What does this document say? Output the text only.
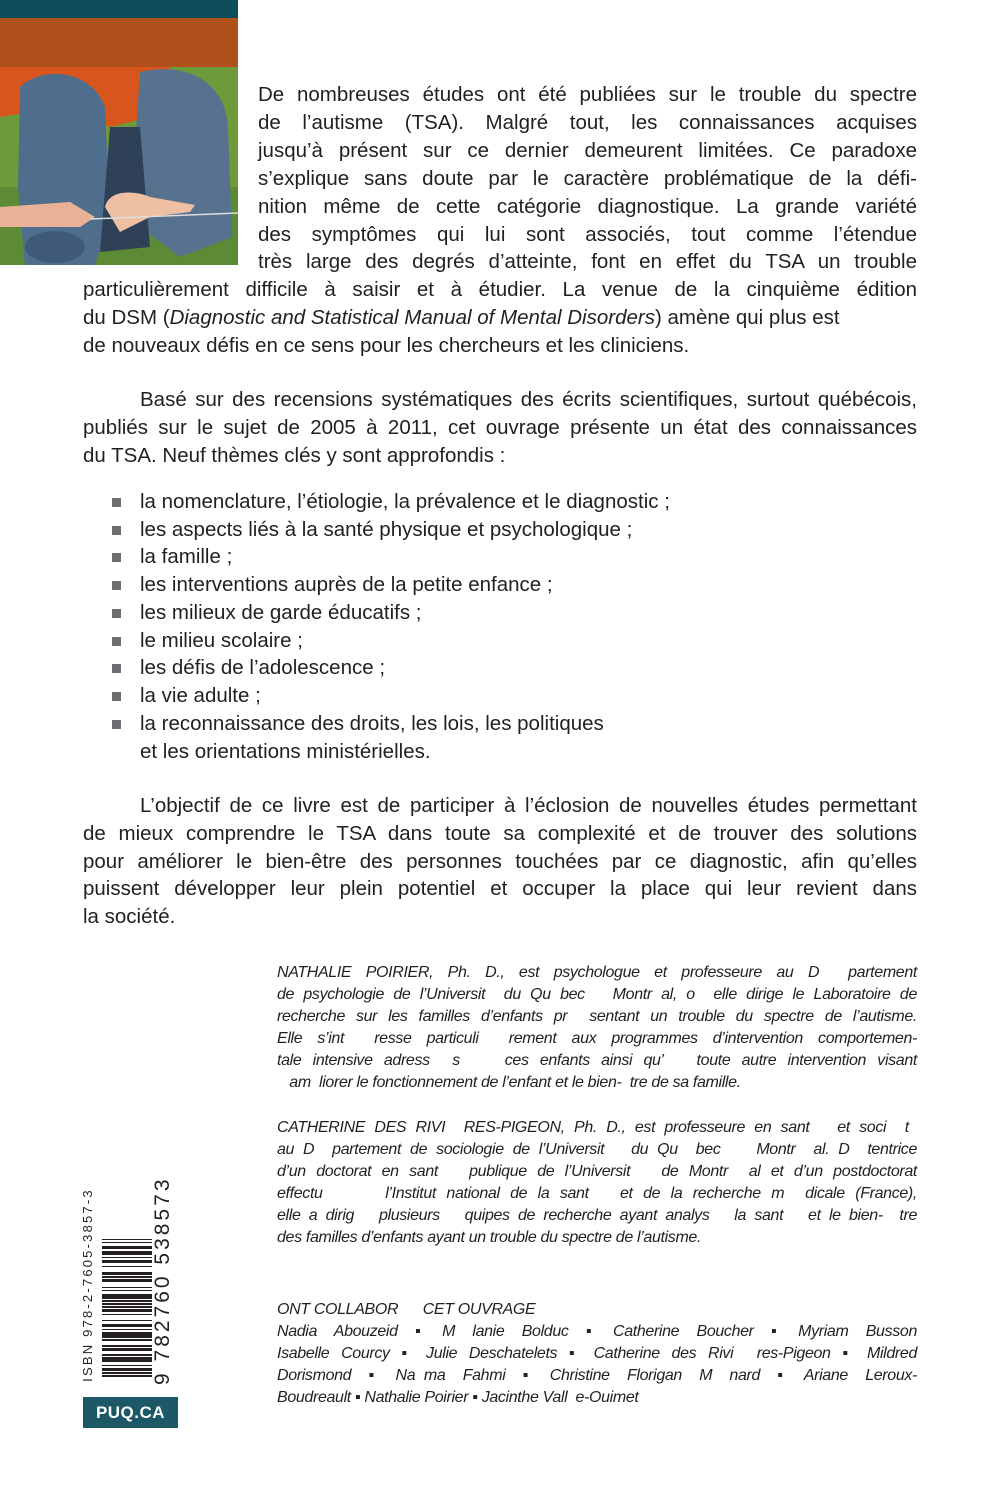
De nombreuses études ont été publiées sur le trouble du spectre
de l’autisme (TSA). Malgré tout, les connaissances acquises
jusqu’à présent sur ce dernier demeurent limitées. Ce paradoxe
s’explique sans doute par le caractère problématique de la défi-
nition même de cette catégorie diagnostique. La grande variété
des symptômes qui lui sont associés, tout comme l’étendue
très large des degrés d’atteinte, font en effet du TSA un trouble
particulièrement difficile à saisir et à étudier. La venue de la cinquième édition
du DSM (Diagnostic and Statistical Manual of Mental Disorders) amène qui plus est
de nouveaux défis en ce sens pour les chercheurs et les cliniciens.
Basé sur des recensions systématiques des écrits scientifiques, surtout québécois,
publiés sur le sujet de 2005 à 2011, cet ouvrage présente un état des connaissances
du TSA. Neuf thèmes clés y sont approfondis :
la nomenclature, l’étiologie, la prévalence et le diagnostic ;
les aspects liés à la santé physique et psychologique ;
la famille ;
les interventions auprès de la petite enfance ;
les milieux de garde éducatifs ;
le milieu scolaire ;
les défis de l’adolescence ;
la vie adulte ;
la reconnaissance des droits, les lois, les politiques
et les orientations ministérielles.
L’objectif de ce livre est de participer à l’éclosion de nouvelles études permettant
de mieux comprendre le TSA dans toute sa complexité et de trouver des solutions
pour améliorer le bien-être des personnes touchées par ce diagnostic, afin qu’elles
puissent développer leur plein potentiel et occuper la place qui leur revient dans
la société.
NATHALIE POIRIER, Ph. D., est psychologue et professeure au D  partement
de psychologie de l’Universit  du Qu bec   Montr al, o  elle dirige le Laboratoire de
recherche sur les familles d’enfants pr  sentant un trouble du spectre de l’autisme.
Elle s’int  resse particuli  rement aux programmes d’intervention comportemen-
tale intensive adress  s    ces enfants ainsi qu’   toute autre intervention visant
am  liorer le fonctionnement de l’enfant et le bien-  tre de sa famille.
CATHERINE DES RIVI  RES-PIGEON, Ph. D., est professeure en sant   et soci  t
au D  partement de sociologie de l’Universit   du Qu  bec    Montr  al. D  tentrice
d’un doctorat en sant   publique de l’Universit   de Montr  al et d’un postdoctorat
effectu      l’Institut national de la sant   et de la recherche m  dicale (France),
elle a dirig   plusieurs   quipes de recherche ayant analys   la sant   et le bien-  tre
des familles d’enfants ayant un trouble du spectre de l’autisme.
ONT COLLABOR      CET OUVRAGE
Nadia  Abouzeid  ▪  M  lanie  Bolduc  ▪  Catherine  Boucher  ▪  Myriam  Busson
Isabelle Courcy ▪ Julie Deschatelets ▪ Catherine des Rivi  res-Pigeon ▪ Mildred
Dorismond  ▪  Na ma  Fahmi  ▪  Christine  Florigan  M  nard  ▪  Ariane  Leroux-
Boudreault ▪ Nathalie Poirier ▪ Jacinthe Vall  e-Ouimet
ISBN 978-2-7605-3857-3	9 782760 538573
PUQ.CA
